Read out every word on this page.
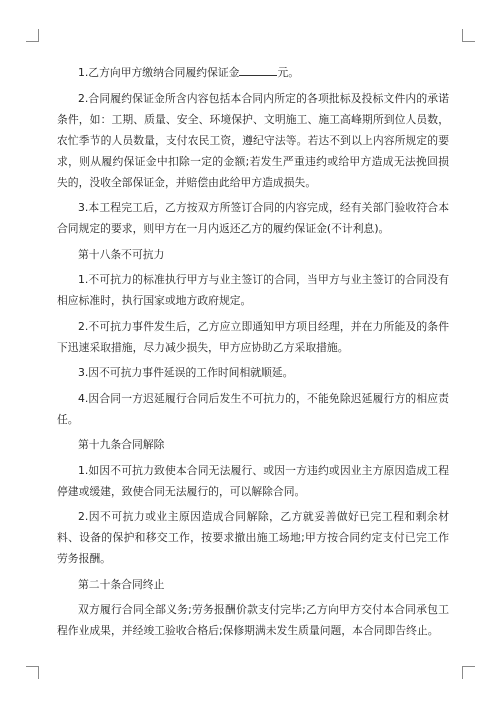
1.乙方向甲方缴纳合同履约保证金	元。

2.合同履约保证金所含内容包括本合同内所定的各项批标及投标文件内的承诺条件，如：工期、质量、安全、环境保护、文明施工、施工高峰期所到位人员数，农忙季节的人员数量，支付农民工资，遵纪守法等。若达不到以上内容所规定的要求，则从履约保证金中扣除一定的金额;若发生严重违约或给甲方造成无法挽回损失的，没收全部保证金，并赔偿由此给甲方造成损失。

3.本工程完工后，乙方按双方所签订合同的内容完成，经有关部门验收符合本合同规定的要求，则甲方在一月内返还乙方的履约保证金(不计利息)。

第十八条不可抗力

1.不可抗力的标准执行甲方与业主签订的合同，当甲方与业主签订的合同没有相应标准时，执行国家或地方政府规定。

2.不可抗力事件发生后，乙方应立即通知甲方项目经理，并在力所能及的条件下迅速采取措施，尽力减少损失，甲方应协助乙方采取措施。

3.因不可抗力事件延误的工作时间相就顺延。

4.因合同一方迟延履行合同后发生不可抗力的，不能免除迟延履行方的相应责任。

第十九条合同解除

1.如因不可抗力致使本合同无法履行、或因一方违约或因业主方原因造成工程停建或缓建，致使合同无法履行的，可以解除合同。

2.因不可抗力或业主原因造成合同解除，乙方就妥善做好已完工程和剩余材料、设备的保护和移交工作，按要求撤出施工场地;甲方按合同约定支付已完工作劳务报酬。

第二十条合同终止

双方履行合同全部义务;劳务报酬价款支付完毕;乙方向甲方交付本合同承包工程作业成果，并经竣工验收合格后;保修期满未发生质量问题，本合同即告终止。
